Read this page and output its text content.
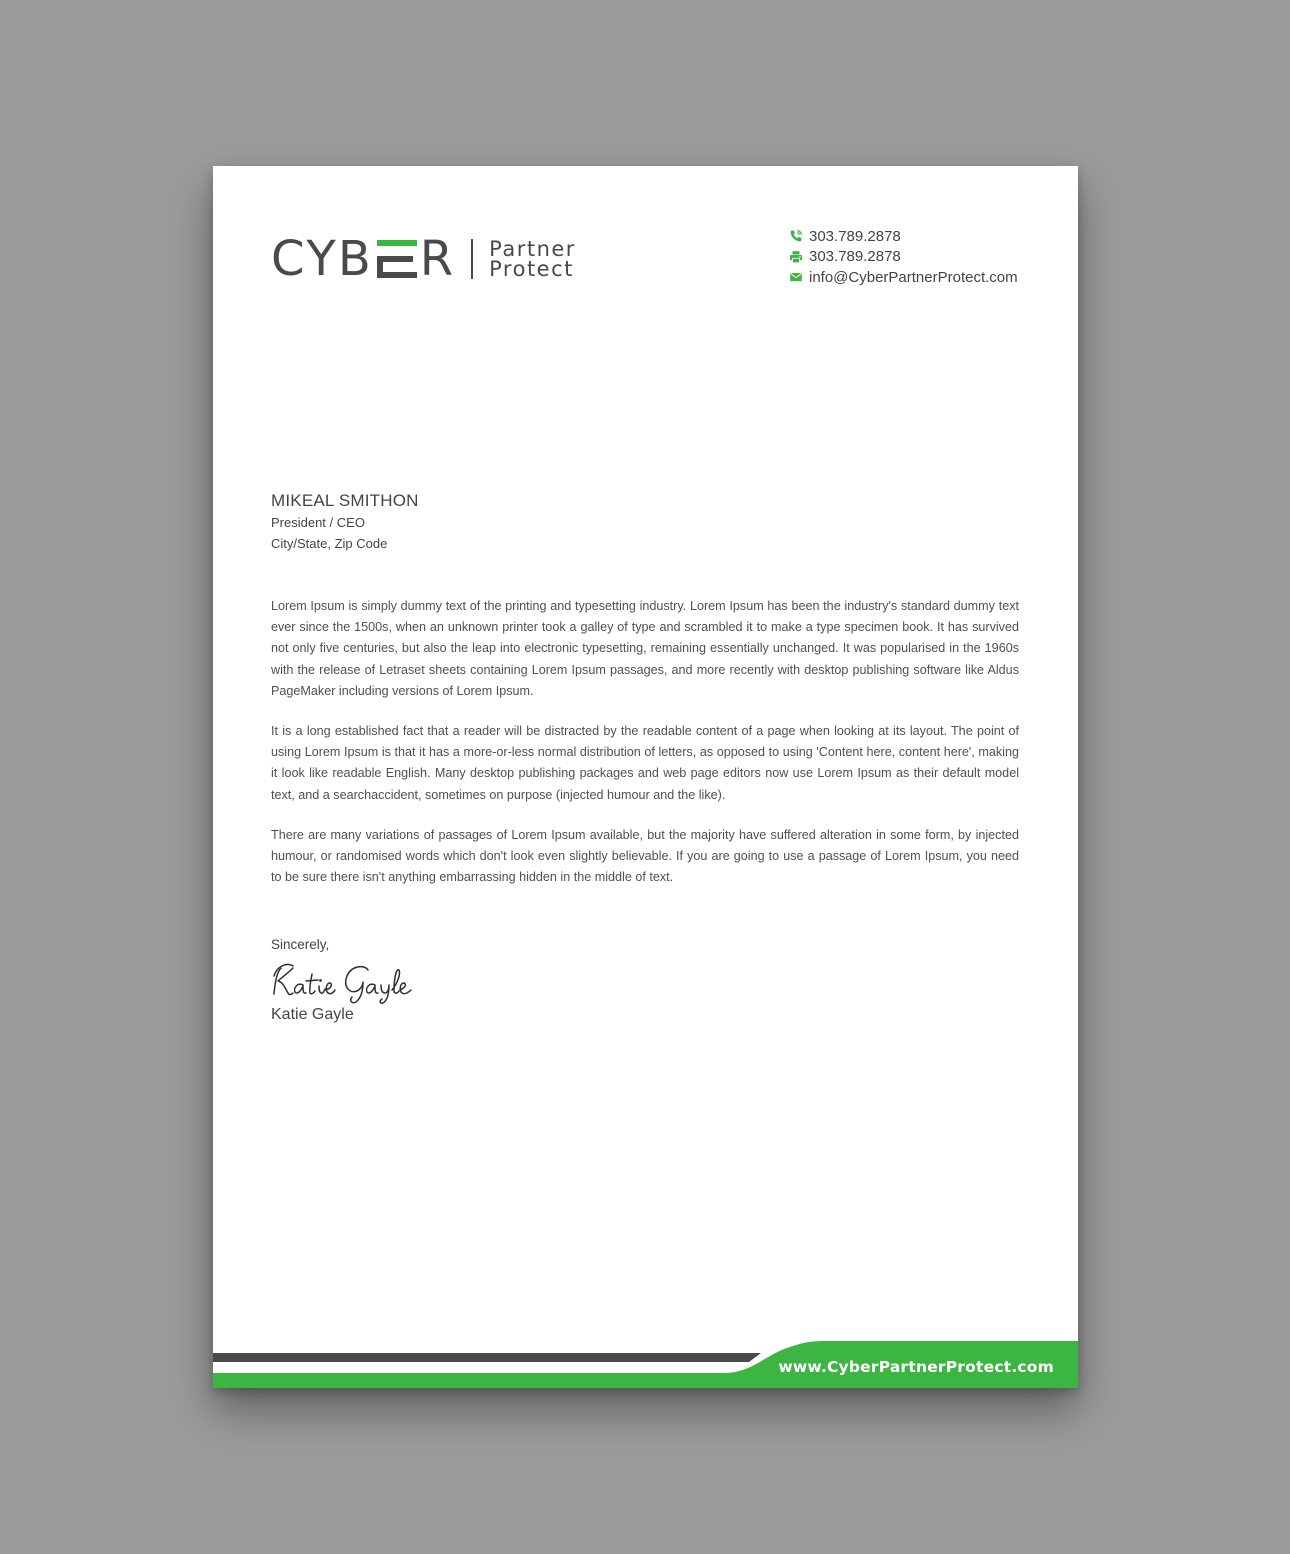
C YB R Partner
Protect
303.789.2878
303.789.2878
info@CyberPartnerProtect.com
MIKEAL SMITHON
President / CEO
City/State, Zip Code

Lorem Ipsum is simply dummy text of the printing and typesetting industry. Lorem Ipsum has been the industry's standard dummy text ever since the 1500s, when an unknown printer took a galley of type and scrambled it to make a type specimen book. It has survived not only five centuries, but also the leap into electronic typesetting, remaining essentially unchanged. It was popularised in the 1960s with the release of Letraset sheets containing Lorem Ipsum passages, and more recently with desktop publishing software like Aldus PageMaker including versions of Lorem Ipsum.

It is a long established fact that a reader will be distracted by the readable content of a page when looking at its layout. The point of using Lorem Ipsum is that it has a more-or-less normal distribution of letters, as opposed to using 'Content here, content here', making it look like readable English. Many desktop publishing packages and web page editors now use Lorem Ipsum as their default model text, and a searchaccident, sometimes on purpose (injected humour and the like).

There are many variations of passages of Lorem Ipsum available, but the majority have suffered alteration in some form, by injected humour, or randomised words which don't look even slightly believable. If you are going to use a passage of Lorem Ipsum, you need to be sure there isn't anything embarrassing hidden in the middle of text.

Sincerely,
Katie Gayle
www.CyberPartnerProtect.com
